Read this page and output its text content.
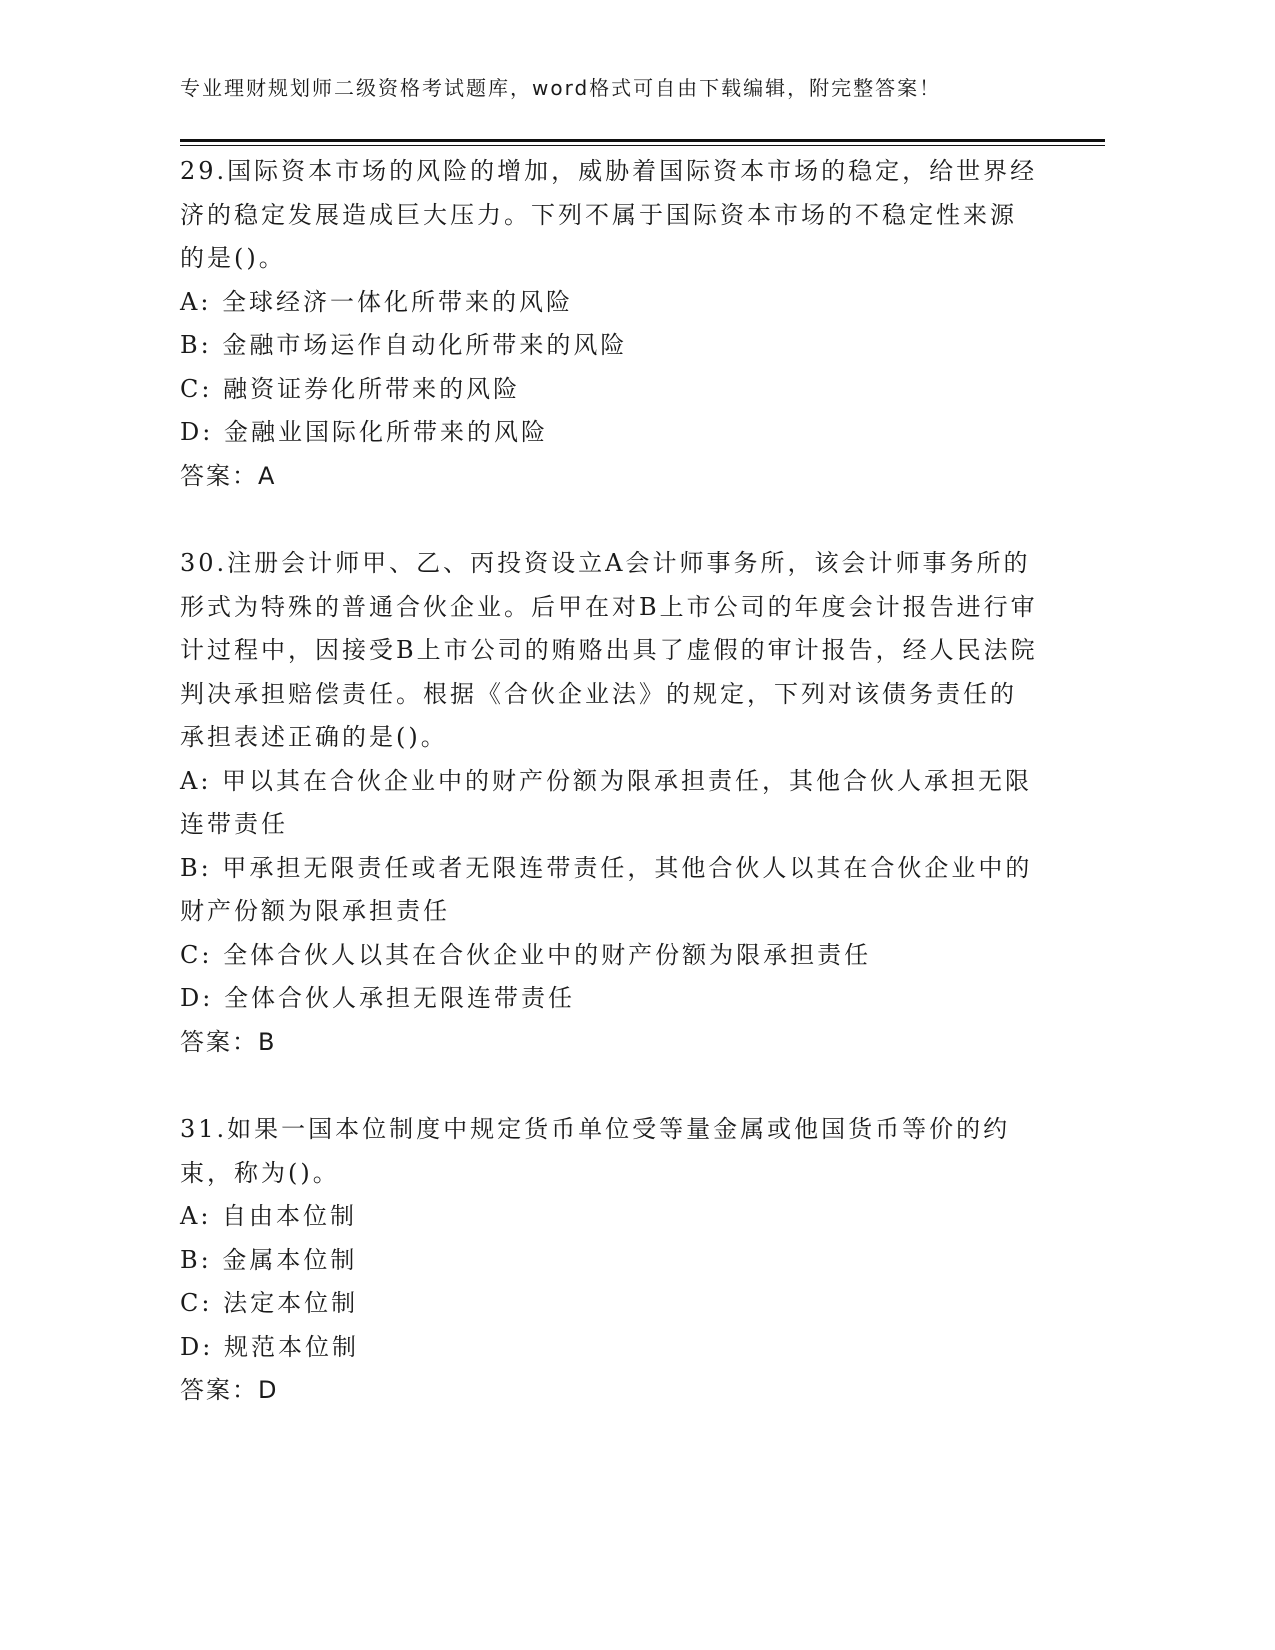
专业理财规划师二级资格考试题库，word格式可自由下载编辑，附完整答案！

29.国际资本市场的风险的增加，威胁着国际资本市场的稳定，给世界经济的稳定发展造成巨大压力。下列不属于国际资本市场的不稳定性来源的是()。

A: 全球经济一体化所带来的风险

B: 金融市场运作自动化所带来的风险

C: 融资证券化所带来的风险

D: 金融业国际化所带来的风险

答案：A

30.注册会计师甲、乙、丙投资设立A会计师事务所，该会计师事务所的形式为特殊的普通合伙企业。后甲在对B上市公司的年度会计报告进行审计过程中，因接受B上市公司的贿赂出具了虚假的审计报告，经人民法院判决承担赔偿责任。根据《合伙企业法》的规定，下列对该债务责任的承担表述正确的是()。

A: 甲以其在合伙企业中的财产份额为限承担责任，其他合伙人承担无限连带责任

B: 甲承担无限责任或者无限连带责任，其他合伙人以其在合伙企业中的财产份额为限承担责任

C: 全体合伙人以其在合伙企业中的财产份额为限承担责任

D: 全体合伙人承担无限连带责任

答案：B

31.如果一国本位制度中规定货币单位受等量金属或他国货币等价的约束，称为()。

A: 自由本位制

B: 金属本位制

C: 法定本位制

D: 规范本位制

答案：D
